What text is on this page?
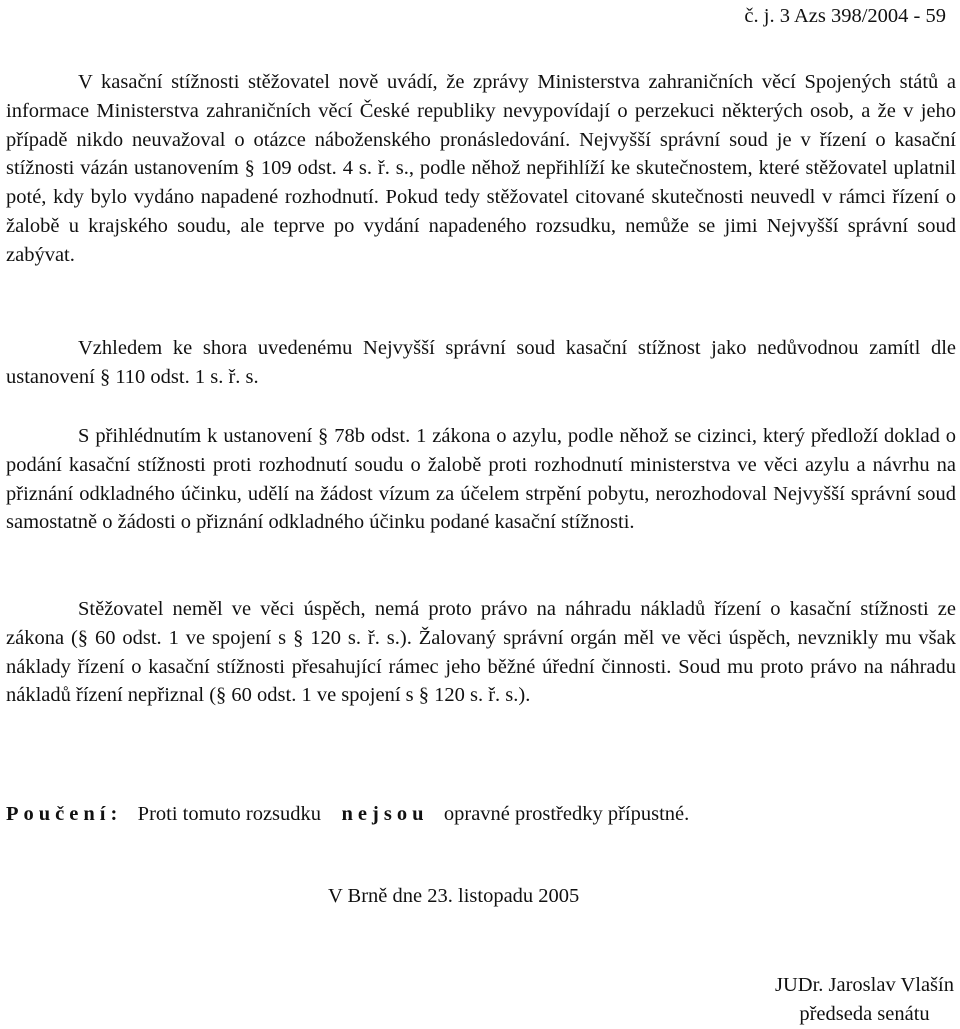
č. j. 3 Azs 398/2004 - 59

V kasační stížnosti stěžovatel nově uvádí, že zprávy Ministerstva zahraničních věcí Spojených států a informace Ministerstva zahraničních věcí České republiky nevypovídají o perzekuci některých osob, a že v jeho případě nikdo neuvažoval o otázce náboženského pronásledování. Nejvyšší správní soud je v řízení o kasační stížnosti vázán ustanovením § 109 odst. 4 s. ř. s., podle něhož nepřihlíží ke skutečnostem, které stěžovatel uplatnil poté, kdy bylo vydáno napadené rozhodnutí. Pokud tedy stěžovatel citované skutečnosti neuvedl v rámci řízení o žalobě u krajského soudu, ale teprve po vydání napadeného rozsudku, nemůže se jimi Nejvyšší správní soud zabývat.

Vzhledem ke shora uvedenému Nejvyšší správní soud kasační stížnost jako nedůvodnou zamítl dle ustanovení § 110 odst. 1 s. ř. s.

S přihlédnutím k ustanovení § 78b odst. 1 zákona o azylu, podle něhož se cizinci, který předloží doklad o podání kasační stížnosti proti rozhodnutí soudu o žalobě proti rozhodnutí ministerstva ve věci azylu a návrhu na přiznání odkladného účinku, udělí na žádost vízum za účelem strpění pobytu, nerozhodoval Nejvyšší správní soud samostatně o žádosti o přiznání odkladného účinku podané kasační stížnosti.

Stěžovatel neměl ve věci úspěch, nemá proto právo na náhradu nákladů řízení o kasační stížnosti ze zákona (§ 60 odst. 1 ve spojení s § 120 s. ř. s.). Žalovaný správní orgán měl ve věci úspěch, nevznikly mu však náklady řízení o kasační stížnosti přesahující rámec jeho běžné úřední činnosti. Soud mu proto právo na náhradu nákladů řízení nepřiznal (§ 60 odst. 1 ve spojení s § 120 s. ř. s.).

Poučení: Proti tomuto rozsudku nejsou opravné prostředky přípustné.
V Brně dne 23. listopadu 2005
JUDr. Jaroslav Vlašín
předseda senátu
